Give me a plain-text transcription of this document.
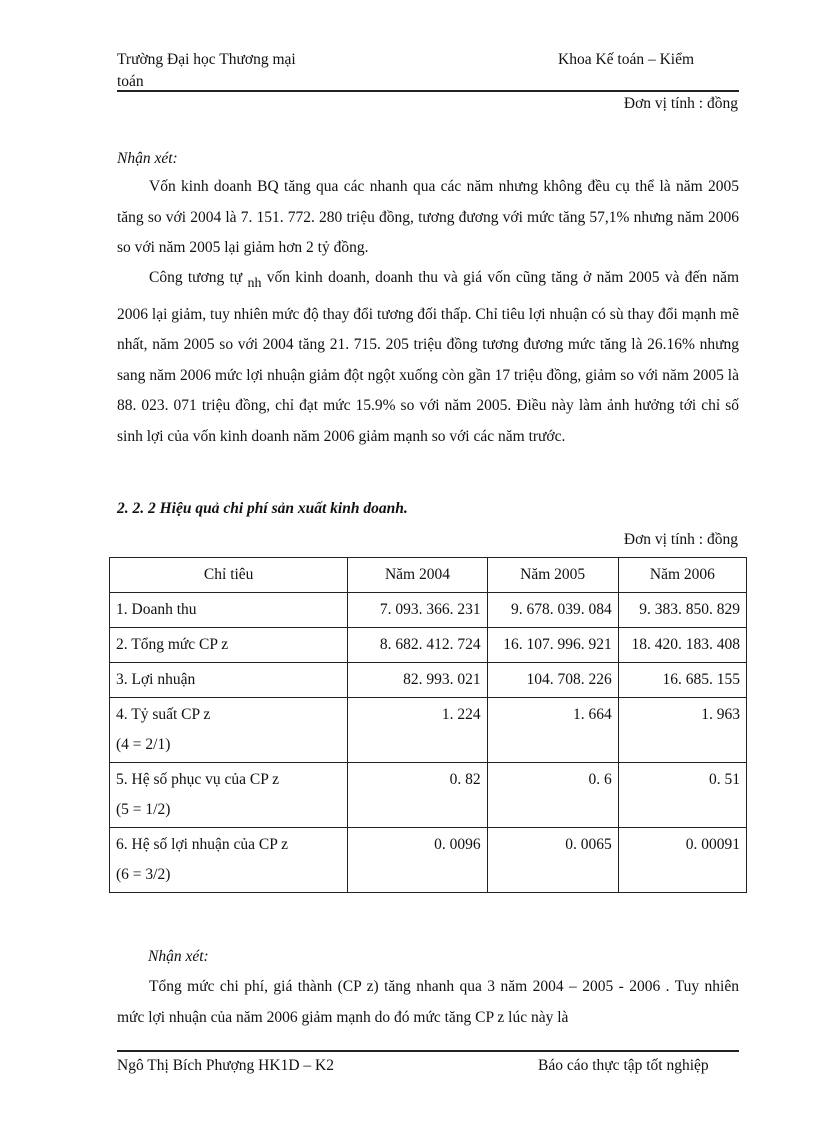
Trường Đại học Thương mại
toán
Khoa Kế toán – Kiểm
Đơn vị tính : đồng
Nhận xét:
Vốn kinh doanh BQ tăng qua các nhanh qua các năm nhưng không đều cụ thể là năm 2005 tăng so với 2004 là 7. 151. 772. 280 triệu đồng, tương đương với mức tăng 57,1% nhưng năm 2006 so với năm 2005 lại giảm hơn 2 tỷ đồng.
Công tương tự nh vốn kinh doanh, doanh thu và giá vốn cũng tăng ở năm 2005 và đến năm 2006 lại giảm, tuy nhiên mức độ thay đổi tương đối thấp. Chỉ tiêu lợi nhuận có sù thay đổi mạnh mẽ nhất, năm 2005 so với 2004 tăng 21. 715. 205 triệu đồng tương đương mức tăng là 26.16% nhưng sang năm 2006 mức lợi nhuận giảm đột ngột xuống còn gần 17 triệu đồng, giảm so với năm 2005 là 88. 023. 071 triệu đồng, chỉ đạt mức 15.9% so với năm 2005. Điều này làm ảnh hưởng tới chỉ số sinh lợi của vốn kinh doanh năm 2006 giảm mạnh so với các năm trước.
2. 2. 2 Hiệu quả chi phí sản xuất kinh doanh.
Đơn vị tính : đồng
Chỉ tiêu	Năm 2004	Năm 2005	Năm 2006
1. Doanh thu	7. 093. 366. 231	9. 678. 039. 084	9. 383. 850. 829
2. Tổng mức CP z	8. 682. 412. 724	16. 107. 996. 921	18. 420. 183. 408
3. Lợi nhuận	82. 993. 021	104. 708. 226	16. 685. 155
4. Tỷ suất CP z
(4 = 2/1)	1. 224	1. 664	1. 963
5. Hệ số phục vụ của CP z
(5 = 1/2)	0. 82	0. 6	0. 51
6. Hệ số lợi nhuận của CP z
(6 = 3/2)	0. 0096	0. 0065	0. 00091
Nhận xét:
Tổng mức chi phí, giá thành (CP z) tăng nhanh qua 3 năm 2004 – 2005 - 2006 . Tuy nhiên mức lợi nhuận của năm 2006 giảm mạnh do đó mức tăng CP z lúc này là
Ngô Thị Bích Phượng HK1D – K2	Báo cáo thực tập tốt nghiệp
